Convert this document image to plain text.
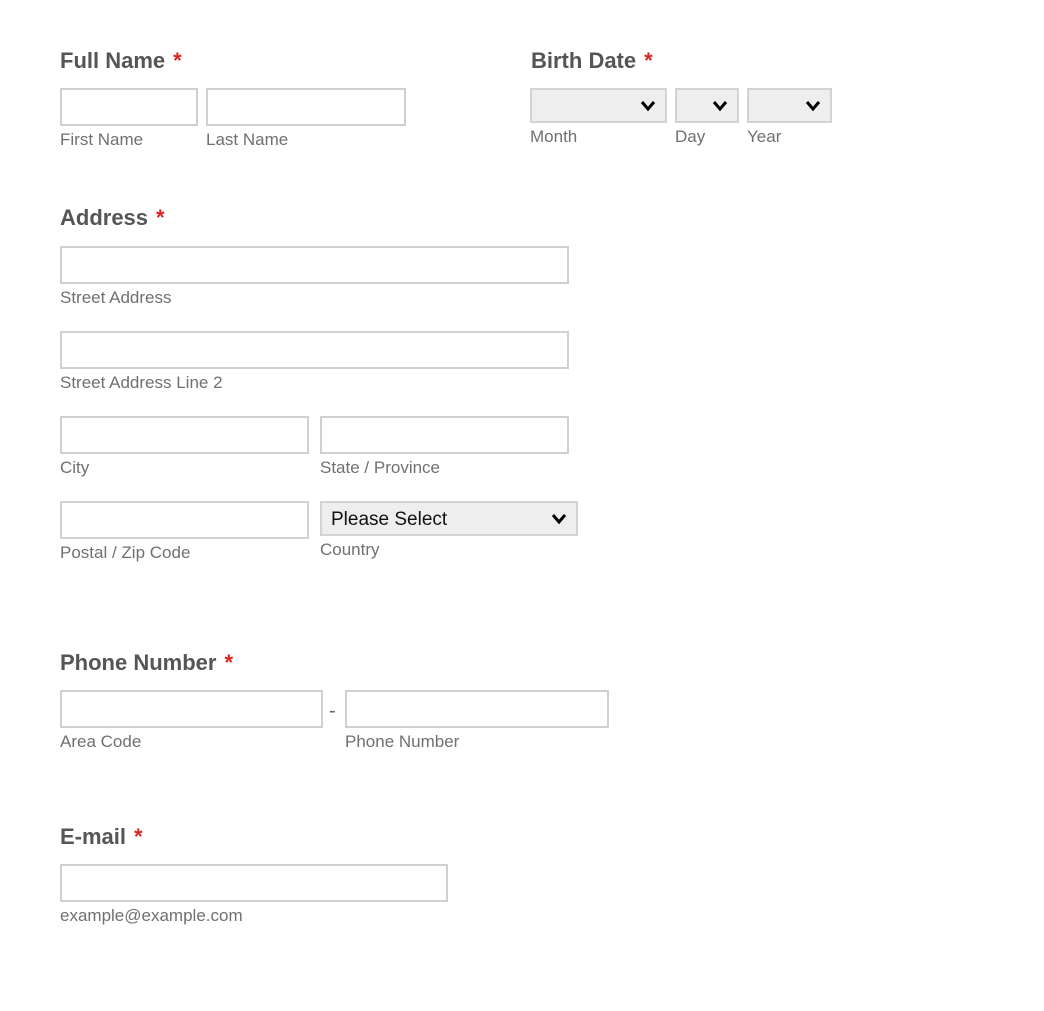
Full Name *
First Name	Last Name
Birth Date *
Month	Day Year
Address *
Street Address
Street Address Line 2
City	State / Province
Please Select
Postal / Zip Code	Country
Phone Number *
-
Area Code	Phone Number
E-mail *
example@example.com
